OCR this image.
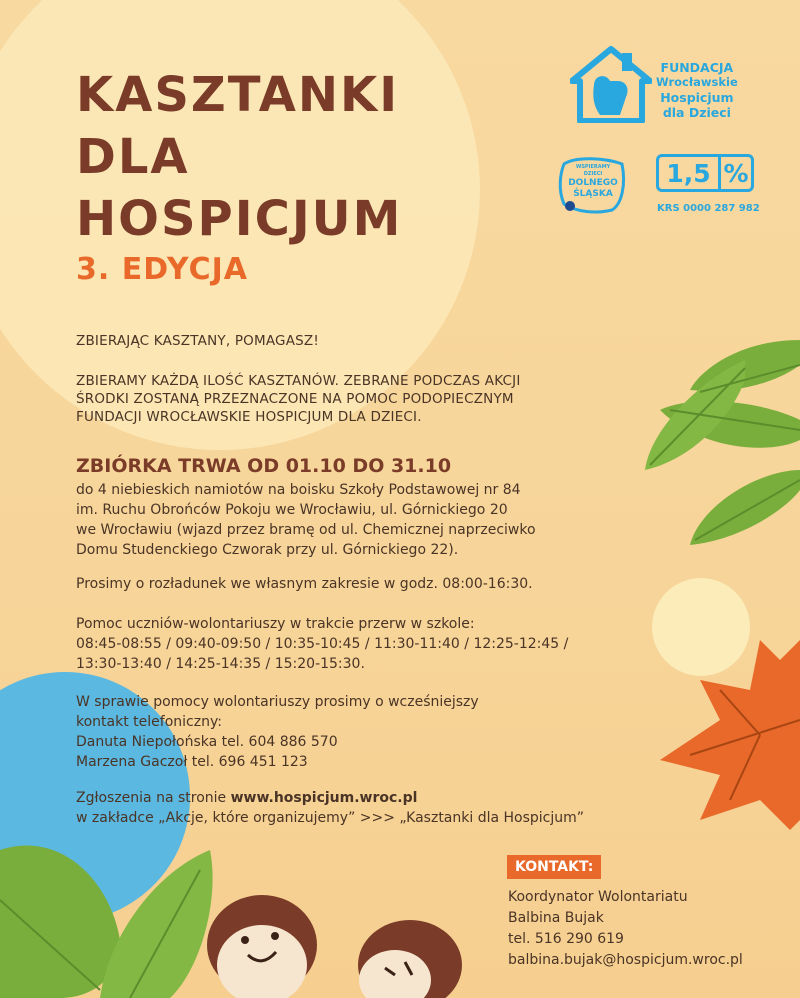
KASZTANKI
DLA
HOSPICJUM
3. EDYCJA
FUNDACJA
Wrocławskie
Hospicjum
dla Dzieci
WSPIERAMY
DZIECI
DOLNEGO
ŚLĄSKA
1,5 %
KRS 0000 287 982
ZBIERAJĄC KASZTANY, POMAGASZ!
ZBIERAMY KAŻDĄ ILOŚĆ KASZTANÓW. ZEBRANE PODCZAS AKCJI
ŚRODKI ZOSTANĄ PRZEZNACZONE NA POMOC PODOPIECZNYM
FUNDACJI WROCŁAWSKIE HOSPICJUM DLA DZIECI.
ZBIÓRKA TRWA OD 01.10 DO 31.10
do 4 niebieskich namiotów na boisku Szkoły Podstawowej nr 84
im. Ruchu Obrońców Pokoju we Wrocławiu, ul. Górnickiego 20
we Wrocławiu (wjazd przez bramę od ul. Chemicznej naprzeciwko
Domu Studenckiego Czworak przy ul. Górnickiego 22).
Prosimy o rozładunek we własnym zakresie w godz. 08:00-16:30.
Pomoc uczniów-wolontariuszy w trakcie przerw w szkole:
08:45-08:55 / 09:40-09:50 / 10:35-10:45 / 11:30-11:40 / 12:25-12:45 /
13:30-13:40 / 14:25-14:35 / 15:20-15:30.
W sprawie pomocy wolontariuszy prosimy o wcześniejszy
kontakt telefoniczny:
Danuta Niepołońska tel. 604 886 570
Marzena Gaczoł tel. 696 451 123
Zgłoszenia na stronie www.hospicjum.wroc.pl
w zakładce „Akcje, które organizujemy” >>> „Kasztanki dla Hospicjum”
KONTAKT:
Koordynator Wolontariatu
Balbina Bujak
tel. 516 290 619
balbina.bujak@hospicjum.wroc.pl
